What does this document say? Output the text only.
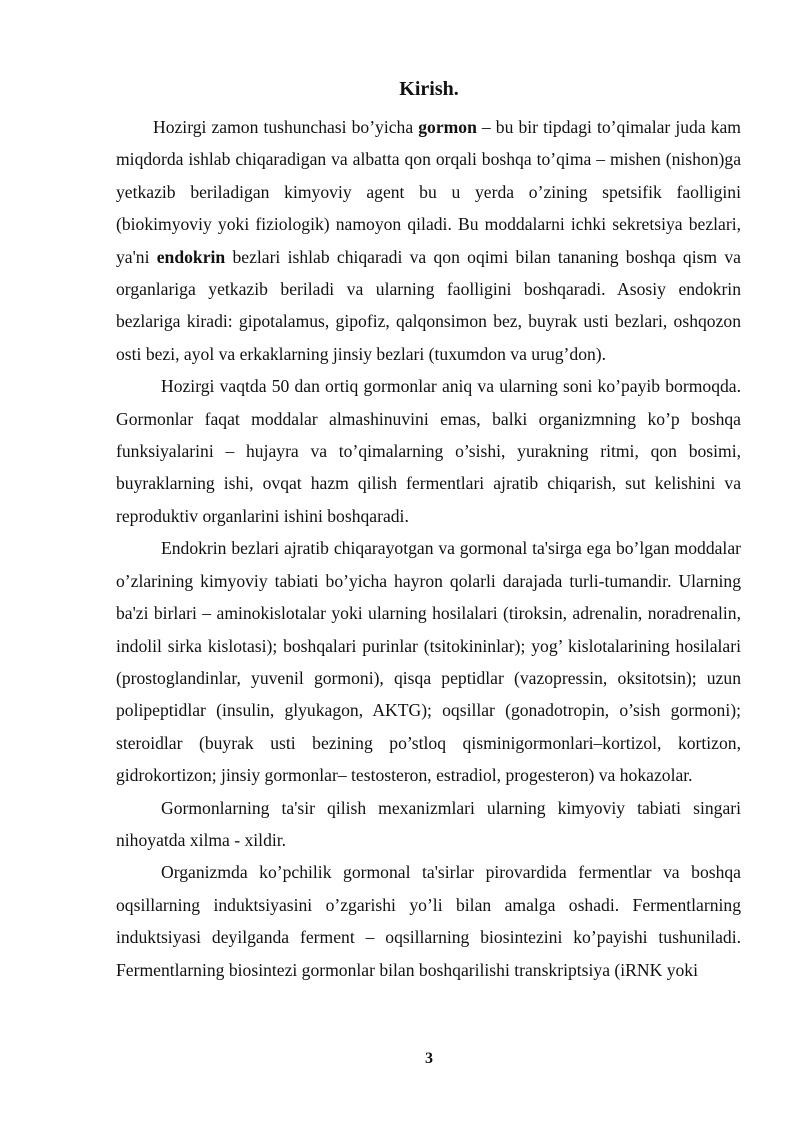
Kirish.

Hozirgi zamon tushunchasi bo’yicha gormon – bu bir tipdagi to’qimalar juda kam miqdorda ishlab chiqaradigan va albatta qon orqali boshqa to’qima – mishen (nishon)ga yetkazib beriladigan kimyoviy agent bu u yerda o’zining spetsifik faolligini (biokimyoviy yoki fiziologik) namoyon qiladi. Bu moddalarni ichki sekretsiya bezlari, ya'ni endokrin bezlari ishlab chiqaradi va qon oqimi bilan tananing boshqa qism va organlariga yetkazib beriladi va ularning faolligini boshqaradi. Asosiy endokrin bezlariga kiradi: gipotalamus, gipofiz, qalqonsimon bez, buyrak usti bezlari, oshqozon osti bezi, ayol va erkaklarning jinsiy bezlari (tuxumdon va urug’don).

Hozirgi vaqtda 50 dan ortiq gormonlar aniq va ularning soni ko’payib bormoqda. Gormonlar faqat moddalar almashinuvini emas, balki organizmning ko’p boshqa funksiyalarini – hujayra va to’qimalarning o’sishi, yurakning ritmi, qon bosimi, buyraklarning ishi, ovqat hazm qilish fermentlari ajratib chiqarish, sut kelishini va reproduktiv organlarini ishini boshqaradi.

Endokrin bezlari ajratib chiqarayotgan va gormonal ta'sirga ega bo’lgan moddalar o’zlarining kimyoviy tabiati bo’yicha hayron qolarli darajada turli-tumandir. Ularning ba'zi birlari – aminokislotalar yoki ularning hosilalari (tiroksin, adrenalin, noradrenalin, indolil sirka kislotasi); boshqalari purinlar (tsitokininlar); yog’ kislotalarining hosilalari (prostoglandinlar, yuvenil gormoni), qisqa peptidlar (vazopressin, oksitotsin); uzun polipeptidlar (insulin, glyukagon, AKTG); oqsillar (gonadotropin, o’sish gormoni); steroidlar (buyrak usti bezining po’stloq qisminigormonlari–kortizol, kortizon, gidrokortizon; jinsiy gormonlar– testosteron, estradiol, progesteron) va hokazolar.

Gormonlarning ta'sir qilish mexanizmlari ularning kimyoviy tabiati singari nihoyatda xilma - xildir.

Organizmda ko’pchilik gormonal ta'sirlar pirovardida fermentlar va boshqa oqsillarning induktsiyasini o’zgarishi yo’li bilan amalga oshadi. Fermentlarning induktsiyasi deyilganda ferment – oqsillarning biosintezini ko’payishi tushuniladi. Fermentlarning biosintezi gormonlar bilan boshqarilishi transkriptsiya (iRNK yoki

3
